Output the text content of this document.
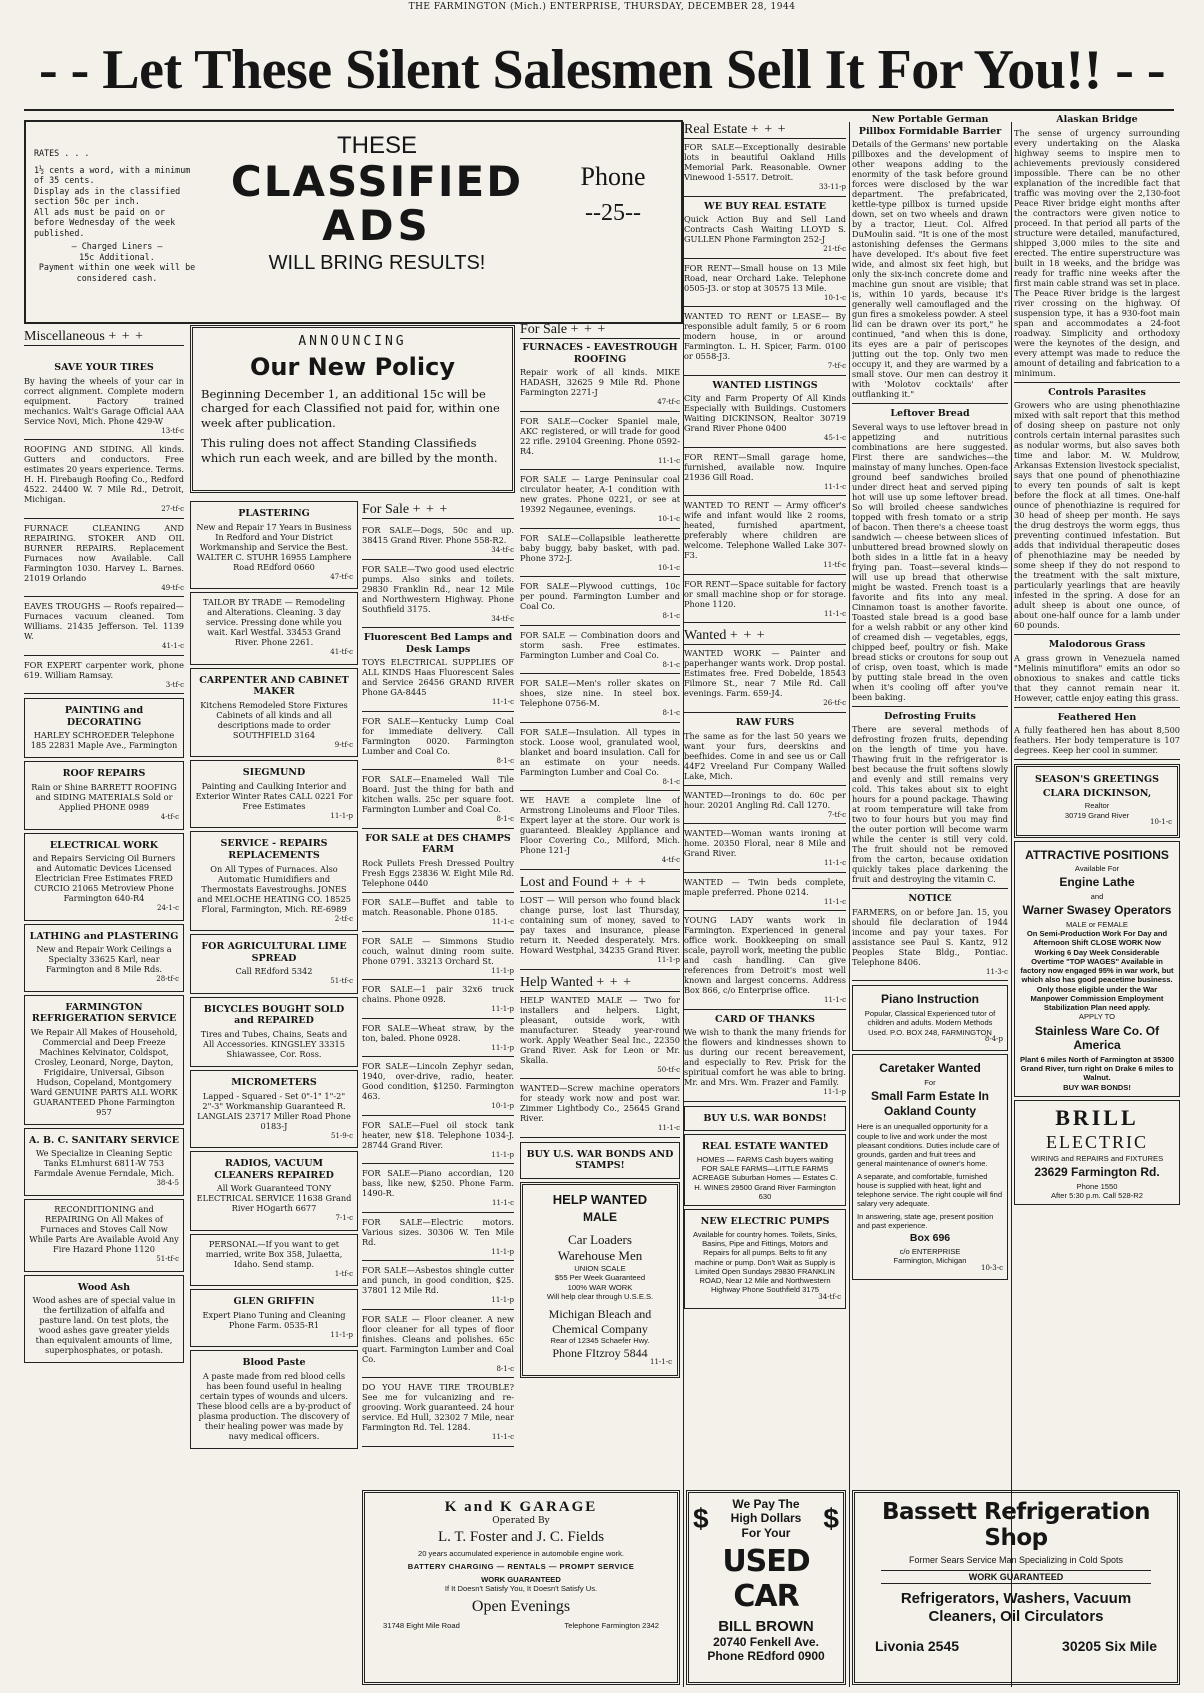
THE FARMINGTON (Mich.) ENTERPRISE, THURSDAY, DECEMBER 28, 1944
- - Let These Silent Salesmen Sell It For You!! - -
RATES . . .
1½ cents a word, with a minimum of 35 cents.
Display ads in the classified section 50c per inch.
All ads must be paid on or before Wednesday of the week published.
— Charged Liners —
15c Additional.
Payment within one week will be considered cash.
THESE
CLASSIFIED
ADS
WILL BRING RESULTS!
Phone
--25--
Miscellaneous + + +	ANNOUNCING
Our New Policy

Beginning December 1, an additional 15c will be charged for each Classified not paid for, within one week after publication.

This ruling does not affect Standing Classifieds which run each week, and are billed by the month.

For Sale + + +
SAVE YOUR TIRES

By having the wheels of your car in correct alignment. Complete modern equipment. Factory trained mechanics. Walt's Garage Official AAA Service Novi, Mich. Phone 429-W

13-tf-c

ROOFING AND SIDING. All kinds. Gutters and conductors. Free estimates 20 years experience. Terms. H. H. Firebaugh Roofing Co., Redford 4522. 24400 W. 7 Mile Rd., Detroit, Michigan.

27-tf-c

FURNACE CLEANING AND REPAIRING. STOKER AND OIL BURNER REPAIRS. Replacement Furnaces now Available. Call Farmington 1030. Harvey L. Barnes. 21019 Orlando

49-tf-c

EAVES TROUGHS — Roofs repaired—Furnaces vacuum cleaned. Tom Williams. 21435 Jefferson. Tel. 1139 W.

41-1-c

FOR EXPERT carpenter work, phone 619. William Ramsay.

3-tf-c
PAINTING and DECORATING

HARLEY SCHROEDER Telephone 185 22831 Maple Ave., Farmington

ROOF REPAIRS

Rain or Shine BARRETT ROOFING and SIDING MATERIALS Sold or Applied PHONE 0989

4-tf-c
ELECTRICAL WORK

and Repairs Servicing Oil Burners and Automatic Devices Licensed Electrician Free Estimates FRED CURCIO 21065 Metroview Phone Farmington 640-R4

24-1-c
LATHING and PLASTERING

New and Repair Work Ceilings a Specialty 33625 Karl, near Farmington and 8 Mile Rds.

28-tf-c
FARMINGTON REFRIGERATION SERVICE

We Repair All Makes of Household, Commercial and Deep Freeze Machines Kelvinator, Coldspot, Crosley, Leonard, Norge, Dayton, Frigidaire, Universal, Gibson Hudson, Copeland, Montgomery Ward GENUINE PARTS ALL WORK GUARANTEED Phone Farmington 957

A. B. C. SANITARY SERVICE

We Specialize in Cleaning Septic Tanks ELmhurst 6811-W 753 Farmdale Avenue Ferndale, Mich.

38-4-5

RECONDITIONING and REPAIRING On All Makes of Furnaces and Stoves Call Now While Parts Are Available Avoid Any Fire Hazard Phone 1120

51-tf-c
Wood Ash

Wood ashes are of special value in the fertilization of alfalfa and pasture land. On test plots, the wood ashes gave greater yields than equivalent amounts of lime, superphosphates, or potash.

PLASTERING

New and Repair 17 Years in Business In Redford and Your District Workmanship and Service the Best. WALTER C. STUHR 16955 Lamphere Road REdford 0660

47-tf-c

TAILOR BY TRADE — Remodeling and Alterations. Cleaning. 3 day service. Pressing done while you wait. Karl Westfal. 33453 Grand River. Phone 2261.

41-tf-c
CARPENTER AND CABINET MAKER

Kitchens Remodeled Store Fixtures Cabinets of all kinds and all descriptions made to order SOUTHFIELD 3164

9-tf-c
SIEGMUND

Painting and Caulking Interior and Exterior Winter Rates CALL 0221 For Free Estimates

11-1-p
SERVICE - REPAIRS REPLACEMENTS

On All Types of Furnaces. Also Automatic Humidifiers and Thermostats Eavestroughs. JONES and MELOCHE HEATING CO. 18525 Floral, Farmington, Mich. RE-6989

2-tf-c
FOR AGRICULTURAL LIME SPREAD

Call REdford 5342

51-tf-c
BICYCLES BOUGHT SOLD and REPAIRED

Tires and Tubes, Chains, Seats and All Accessories. KINGSLEY 33315 Shiawassee, Cor. Ross.

MICROMETERS

Lapped - Squared - Set 0"-1" 1"-2" 2"-3" Workmanship Guaranteed R. LANGLAIS 23717 Miller Road Phone 0183-J

51-9-c
RADIOS, VACUUM CLEANERS REPAIRED

All Work Guaranteed TONY ELECTRICAL SERVICE 11638 Grand River HOgarth 6677

7-1-c

PERSONAL—If you want to get married, write Box 358, Julaetta, Idaho. Send stamp.

1-tf-c
GLEN GRIFFIN

Expert Piano Tuning and Cleaning Phone Farm. 0535-R1

11-1-p
Blood Paste

A paste made from red blood cells has been found useful in healing certain types of wounds and ulcers. These blood cells are a by-product of plasma production. The discovery of their healing power was made by navy medical officers.

For Sale + + +

FOR SALE—Dogs, 50c and up. 38415 Grand River. Phone 558-R2.

34-tf-c

FOR SALE—Two good used electric pumps. Also sinks and toilets. 29830 Franklin Rd., near 12 Mile and Northwestern Highway. Phone Southfield 3175.

34-tf-c
Fluorescent Bed Lamps and Desk Lamps

TOYS ELECTRICAL SUPPLIES OF ALL KINDS Haas Fluorescent Sales and Service 26456 GRAND RIVER Phone GA-8445

11-1-c

FOR SALE—Kentucky Lump Coal for immediate delivery. Call Farmington 0020. Farmington Lumber and Coal Co.

8-1-c

FOR SALE—Enameled Wall Tile Board. Just the thing for bath and kitchen walls. 25c per square foot. Farmington Lumber and Coal Co.

8-1-c
FOR SALE at DES CHAMPS FARM

Rock Pullets Fresh Dressed Poultry Fresh Eggs 23836 W. Eight Mile Rd. Telephone 0440

FOR SALE—Buffet and table to match. Reasonable. Phone 0185.

11-1-c

FOR SALE — Simmons Studio couch, walnut dining room suite. Phone 0791. 33213 Orchard St.

11-1-p

FOR SALE—1 pair 32x6 truck chains. Phone 0928.

11-1-p

FOR SALE—Wheat straw, by the ton, baled. Phone 0928.

11-1-p

FOR SALE—Lincoln Zephyr sedan, 1940, over-drive, radio, heater. Good condition, $1250. Farmington 463.

10-1-p

FOR SALE—Fuel oil stock tank heater, new $18. Telephone 1034-J. 28744 Grand River.

11-1-p

FOR SALE—Piano accordian, 120 bass, like new, $250. Phone Farm. 1490-R.

11-1-c

FOR SALE—Electric motors. Various sizes. 30306 W. Ten Mile Rd.

11-1-p

FOR SALE—Asbestos shingle cutter and punch, in good condition, $25. 37801 12 Mile Rd.

11-1-p

FOR SALE — Floor cleaner. A new floor cleaner for all types of floor finishes. Cleans and polishes. 65c quart. Farmington Lumber and Coal Co.

8-1-c

DO YOU HAVE TIRE TROUBLE? See me for vulcanizing and re-grooving. Work guaranteed. 24 hour service. Ed Hull, 32302 7 Mile, near Farmington Rd. Tel. 1284.

11-1-c
FURNACES - EAVESTROUGH ROOFING

Repair work of all kinds. MIKE HADASH, 32625 9 Mile Rd. Phone Farmington 2271-J

47-tf-c

FOR SALE—Cocker Spaniel male, AKC registered, or will trade for good 22 rifle. 29104 Greening. Phone 0592-R4.

11-1-c

FOR SALE — Large Peninsular coal circulator heater, A-1 condition with new grates. Phone 0221, or see at 19392 Negaunee, evenings.

10-1-c

FOR SALE—Collapsible leatherette baby buggy, baby basket, with pad. Phone 372-J.

10-1-c

FOR SALE—Plywood cuttings, 10c per pound. Farmington Lumber and Coal Co.

8-1-c

FOR SALE — Combination doors and storm sash. Free estimates. Farmington Lumber and Coal Co.

8-1-c

FOR SALE—Men's roller skates on shoes, size nine. In steel box. Telephone 0756-M.

8-1-c

FOR SALE—Insulation. All types in stock. Loose wool, granulated wool, blanket and board insulation. Call for an estimate on your needs. Farmington Lumber and Coal Co.

8-1-c

WE HAVE a complete line of Armstrong Linoleums and Floor Tiles. Expert layer at the store. Our work is guaranteed. Bleakley Appliance and Floor Covering Co., Milford, Mich. Phone 121-J

4-tf-c
Lost and Found + + +

LOST — Will person who found black change purse, lost last Thursday, containing sum of money, saved to pay taxes and insurance, please return it. Needed desperately. Mrs. Howard Westphal, 34235 Grand River.

11-1-p
Help Wanted + + +

HELP WANTED MALE — Two for installers and helpers. Light, pleasant, outside work, with manufacturer. Steady year-round work. Apply Weather Seal Inc., 22350 Grand River. Ask for Leon or Mr. Skalla.

50-tf-c

WANTED—Screw machine operators for steady work now and post war. Zimmer Lightbody Co., 25645 Grand River.

11-1-c
BUY U.S. WAR BONDS AND STAMPS!
HELP WANTED
MALE
Car Loaders
Warehouse Men
UNION SCALE
$55 Per Week Guaranteed
100% WAR WORK
Will help clear through U.S.E.S.
Michigan Bleach and Chemical Company
Rear of 12345 Schaefer Hwy.
Phone FItzroy 5844
11-1-c
Real Estate + + +

FOR SALE—Exceptionally desirable lots in beautiful Oakland Hills Memorial Park. Reasonable. Owner Vinewood 1-5517. Detroit.

33-11-p
WE BUY REAL ESTATE

Quick Action Buy and Sell Land Contracts Cash Waiting LLOYD S. GULLEN Phone Farmington 252-J

21-tf-c

FOR RENT—Small house on 13 Mile Road, near Orchard Lake. Telephone 0505-J3. or stop at 30575 13 Mile.

10-1-c

WANTED TO RENT or LEASE— By responsible adult family, 5 or 6 room modern house, in or around Farmington. L. H. Spicer, Farm. 0100 or 0558-J3.

7-tf-c
WANTED LISTINGS

City and Farm Property Of All Kinds Especially with Buildings. Customers Waiting DICKINSON, Realtor 30719 Grand River Phone 0400

45-1-c

FOR RENT—Small garage home, furnished, available now. Inquire 21936 Gill Road.

11-1-c

WANTED TO RENT — Army officer's wife and infant would like 2 rooms, heated, furnished apartment, preferably where children are welcome. Telephone Walled Lake 307-F3.

11-tf-c

FOR RENT—Space suitable for factory or small machine shop or for storage. Phone 1120.

11-1-c
Wanted + + +

WANTED WORK — Painter and paperhanger wants work. Drop postal. Estimates free. Fred Dobelde, 18543 Filmore St., near 7 Mile Rd. Call evenings. Farm. 659-J4.

26-tf-c
RAW FURS

The same as for the last 50 years we want your furs, deerskins and beefhides. Come in and see us or Call 44F2 Vreeland Fur Company Walled Lake, Mich.

WANTED—Ironings to do. 60c per hour. 20201 Angling Rd. Call 1270.

7-tf-c

WANTED—Woman wants ironing at home. 20350 Floral, near 8 Mile and Grand River.

11-1-c

WANTED — Twin beds complete, maple preferred. Phone 0214.

11-1-c

YOUNG LADY wants work in Farmington. Experienced in general office work. Bookkeeping on small scale, payroll work, meeting the public and cash handling. Can give references from Detroit's most well known and largest concerns. Address Box 866, c/o Enterprise office.

11-1-c
CARD OF THANKS

We wish to thank the many friends for the flowers and kindnesses shown to us during our recent bereavement, and especially to Rev. Prisk for the spiritual comfort he was able to bring. Mr. and Mrs. Wm. Frazer and Family.

11-1-p
BUY U.S. WAR BONDS!
REAL ESTATE WANTED
HOMES — FARMS Cash buyers waiting FOR SALE FARMS—LITTLE FARMS ACREAGE Suburban Homes — Estates C. H. WINES 29500 Grand River Farmington 630
NEW ELECTRIC PUMPS
Available for country homes. Toilets, Sinks, Basins, Pipe and Fittings, Motors and Repairs for all pumps. Belts to fit any machine or pump. Don't Wait as Supply is Limited Open Sundays 29830 FRANKLIN ROAD, Near 12 Mile and Northwestern Highway Phone Southfield 3175
34-tf-c
New Portable German Pillbox Formidable Barrier

Details of the Germans' new portable pillboxes and the development of other weapons adding to the enormity of the task before ground forces were disclosed by the war department. The prefabricated, kettle-type pillbox is turned upside down, set on two wheels and drawn by a tractor, Lieut. Col. Alfred DuMoulin said. "It is one of the most astonishing defenses the Germans have developed. It's about five feet wide, and almost six feet high, but only the six-inch concrete dome and machine gun snout are visible; that is, within 10 yards, because it's generally well camouflaged and the gun fires a smokeless powder. A steel lid can be drawn over its port," he continued, "and when this is done, its eyes are a pair of periscopes jutting out the top. Only two men occupy it, and they are warmed by a small stove. Our men can destroy it with 'Molotov cocktails' after outflanking it."

Leftover Bread

Several ways to use leftover bread in appetizing and nutritious combinations are here suggested. First there are sandwiches—the mainstay of many lunches. Open-face ground beef sandwiches broiled under direct heat and served piping hot will use up some leftover bread. So will broiled cheese sandwiches topped with fresh tomato or a strip of bacon. Then there's a cheese toast sandwich — cheese between slices of unbuttered bread browned slowly on both sides in a little fat in a heavy frying pan. Toast—several kinds—will use up bread that otherwise might be wasted. French toast is a favorite and fits into any meal. Cinnamon toast is another favorite. Toasted stale bread is a good base for a welsh rabbit or any other kind of creamed dish — vegetables, eggs, chipped beef, poultry or fish. Make bread sticks or croutons for soup out of crisp, oven toast, which is made by putting stale bread in the oven when it's cooling off after you've been baking.

Defrosting Fruits

There are several methods of defrosting frozen fruits, depending on the length of time you have. Thawing fruit in the refrigerator is best because the fruit softens slowly and evenly and still remains very cold. This takes about six to eight hours for a pound package. Thawing at room temperature will take from two to four hours but you may find the outer portion will become warm while the center is still very cold. The fruit should not be removed from the carton, because oxidation quickly takes place darkening the fruit and destroying the vitamin C.

NOTICE

FARMERS, on or before Jan. 15, you should file declaration of 1944 income and pay your taxes. For assistance see Paul S. Kantz, 912 Peoples State Bldg., Pontiac. Telephone 8406.

11-3-c
Piano Instruction
Popular, Classical Experienced tutor of children and adults. Modern Methods Used. P.O. BOX 248, FARMINGTON
8-4-p
Caretaker Wanted
For
Small Farm Estate In Oakland County
Here is an unequalled opportunity for a couple to live and work under the most pleasant conditions. Duties include care of grounds, garden and fruit trees and general maintenance of owner's home.
A separate, and comfortable, furnished house is supplied with heat, light and telephone service. The right couple will find salary very adequate.
In answering, state age, present position and past experience.
Box 696
c/o ENTERPRISE
Farmington, Michigan
10-3-c
Alaskan Bridge

The sense of urgency surrounding every undertaking on the Alaska highway seems to inspire men to achievements previously considered impossible. There can be no other explanation of the incredible fact that traffic was moving over the 2,130-foot Peace River bridge eight months after the contractors were given notice to proceed. In that period all parts of the structure were detailed, manufactured, shipped 3,000 miles to the site and erected. The entire superstructure was built in 18 weeks, and the bridge was ready for traffic nine weeks after the first main cable strand was set in place. The Peace River bridge is the largest river crossing on the highway. Of suspension type, it has a 930-foot main span and accommodates a 24-foot roadway. Simplicity and orthodoxy were the keynotes of the design, and every attempt was made to reduce the amount of detailing and fabrication to a minimum.

Controls Parasites

Growers who are using phenothiazine mixed with salt report that this method of dosing sheep on pasture not only controls certain internal parasites such as nodular worms, but also saves both time and labor. M. W. Muldrow, Arkansas Extension livestock specialist, says that one pound of phenothiazine to every ten pounds of salt is kept before the flock at all times. One-half ounce of phenothiazine is required for 30 head of sheep per month. He says the drug destroys the worm eggs, thus preventing continued infestation. But adds that individual therapeutic doses of phenothiazine may be needed by some sheep if they do not respond to the treatment with the salt mixture, particularly yearlings that are heavily infested in the spring. A dose for an adult sheep is about one ounce, of about one-half ounce for a lamb under 60 pounds.

Malodorous Grass

A grass grown in Venezuela named "Melinis minutiflora" emits an odor so obnoxious to snakes and cattle ticks that they cannot remain near it. However, cattle enjoy eating this grass.

Feathered Hen

A fully feathered hen has about 8,500 feathers. Her body temperature is 107 degrees. Keep her cool in summer.

SEASON'S GREETINGS
CLARA DICKINSON,
Realtor
30719 Grand River
10-1-c
ATTRACTIVE POSITIONS
Available For
Engine Lathe
and
Warner Swasey Operators
MALE or FEMALE
On Semi-Production Work For Day and Afternoon Shift CLOSE WORK Now Working 6 Day Week Considerable Overtime "TOP WAGES" Available in factory now engaged 95% in war work, but which also has good peacetime business. Only those eligible under the War Manpower Commission Employment Stabilization Plan need apply.
APPLY TO
Stainless Ware Co. Of America
Plant 6 miles North of Farmington at 35300 Grand River, turn right on Drake 6 miles to Walnut.
BUY WAR BONDS!
BRILL
ELECTRIC
WIRING and REPAIRS and FIXTURES
23629 Farmington Rd.
Phone 1550
After 5:30 p.m. Call 528-R2
K and K GARAGE
Operated By
L. T. Foster and J. C. Fields
20 years accumulated experience in automobile engine work.
BATTERY CHARGING — RENTALS — PROMPT SERVICE
WORK GUARANTEED
If It Doesn't Satisfy You, It Doesn't Satisfy Us.
Open Evenings
31748 Eight Mile Road	Telephone Farmington 2342
$ We Pay The
High Dollars
For Your	$
USED CAR
BILL BROWN
20740 Fenkell Ave.
Phone REdford 0900
Bassett Refrigeration Shop
Former Sears Service Man Specializing in Cold Spots
WORK GUARANTEED
Refrigerators, Washers, Vacuum Cleaners, Oil Circulators
Livonia 2545	30205 Six Mile
